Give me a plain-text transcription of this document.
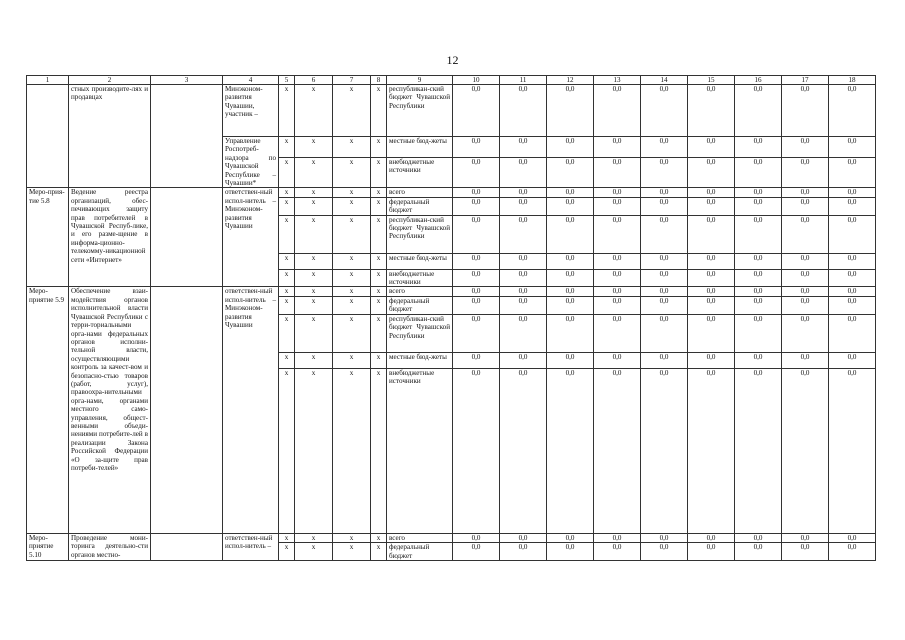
12
1	2	3	4	5	6	7	8	9	10	11	12	13	14	15	16	17	18
	стных производите-лях и продавцах		Минэконом-развития Чувашии, участник –	х	х	х	х	республикан-ский бюджет Чувашской Республики	0,0	0,0	0,0	0,0	0,0	0,0	0,0	0,0	0,0
			Управление Роспотреб-надзора по Чувашской Республике – Чувашии*	х	х	х	х	местные бюд-жеты	0,0	0,0	0,0	0,0	0,0	0,0	0,0	0,0	0,0
				х	х	х	х	внебюджетные источники	0,0	0,0	0,0	0,0	0,0	0,0	0,0	0,0	0,0
Меро-прия-тие 5.8	Ведение реестра организаций, обес-печивающих защиту прав потребителей в Чувашской Респуб-лике, и его разме-щение в информа-ционно-телекомму-никационной сети «Интернет»		ответствен-ный испол-нитель – Минэконом-развития Чувашии	х	х	х	х	всего	0,0	0,0	0,0	0,0	0,0	0,0	0,0	0,0	0,0
				х	х	х	х	федеральный бюджет	0,0	0,0	0,0	0,0	0,0	0,0	0,0	0,0	0,0
				х	х	х	х	республикан-ский бюджет Чувашской Республики	0,0	0,0	0,0	0,0	0,0	0,0	0,0	0,0	0,0
				х	х	х	х	местные бюд-жеты	0,0	0,0	0,0	0,0	0,0	0,0	0,0	0,0	0,0
				х	х	х	х	внебюджетные источники	0,0	0,0	0,0	0,0	0,0	0,0	0,0	0,0	0,0
Меро-приятие 5.9	Обеспечение взаи-модействия органов исполнительной власти Чувашской Республики с терри-ториальными орга-нами федеральных органов исполни-тельной власти, осуществляющими контроль за качест-вом и безопасно-стью товаров (работ, услуг), правоохра-нительными орга-нами, органами местного само-управления, общест-венными объеди-нениями потребите-лей в реализации Закона Российской Федерации «О за-щите прав потреби-телей»		ответствен-ный испол-нитель – Минэконом-развития Чувашии	х	х	х	х	всего	0,0	0,0	0,0	0,0	0,0	0,0	0,0	0,0	0,0
				х	х	х	х	федеральный бюджет	0,0	0,0	0,0	0,0	0,0	0,0	0,0	0,0	0,0
				х	х	х	х	республикан-ский бюджет Чувашской Республики	0,0	0,0	0,0	0,0	0,0	0,0	0,0	0,0	0,0
				х	х	х	х	местные бюд-жеты	0,0	0,0	0,0	0,0	0,0	0,0	0,0	0,0	0,0
				х	х	х	х	внебюджетные источники	0,0	0,0	0,0	0,0	0,0	0,0	0,0	0,0	0,0
Меро-приятие 5.10	Проведение мони-торинга деятельно-сти органов местно-		ответствен-ный испол-нитель –	х	х	х	х	всего	0,0	0,0	0,0	0,0	0,0	0,0	0,0	0,0	0,0
				х	х	х	х	федеральный бюджет	0,0	0,0	0,0	0,0	0,0	0,0	0,0	0,0	0,0
